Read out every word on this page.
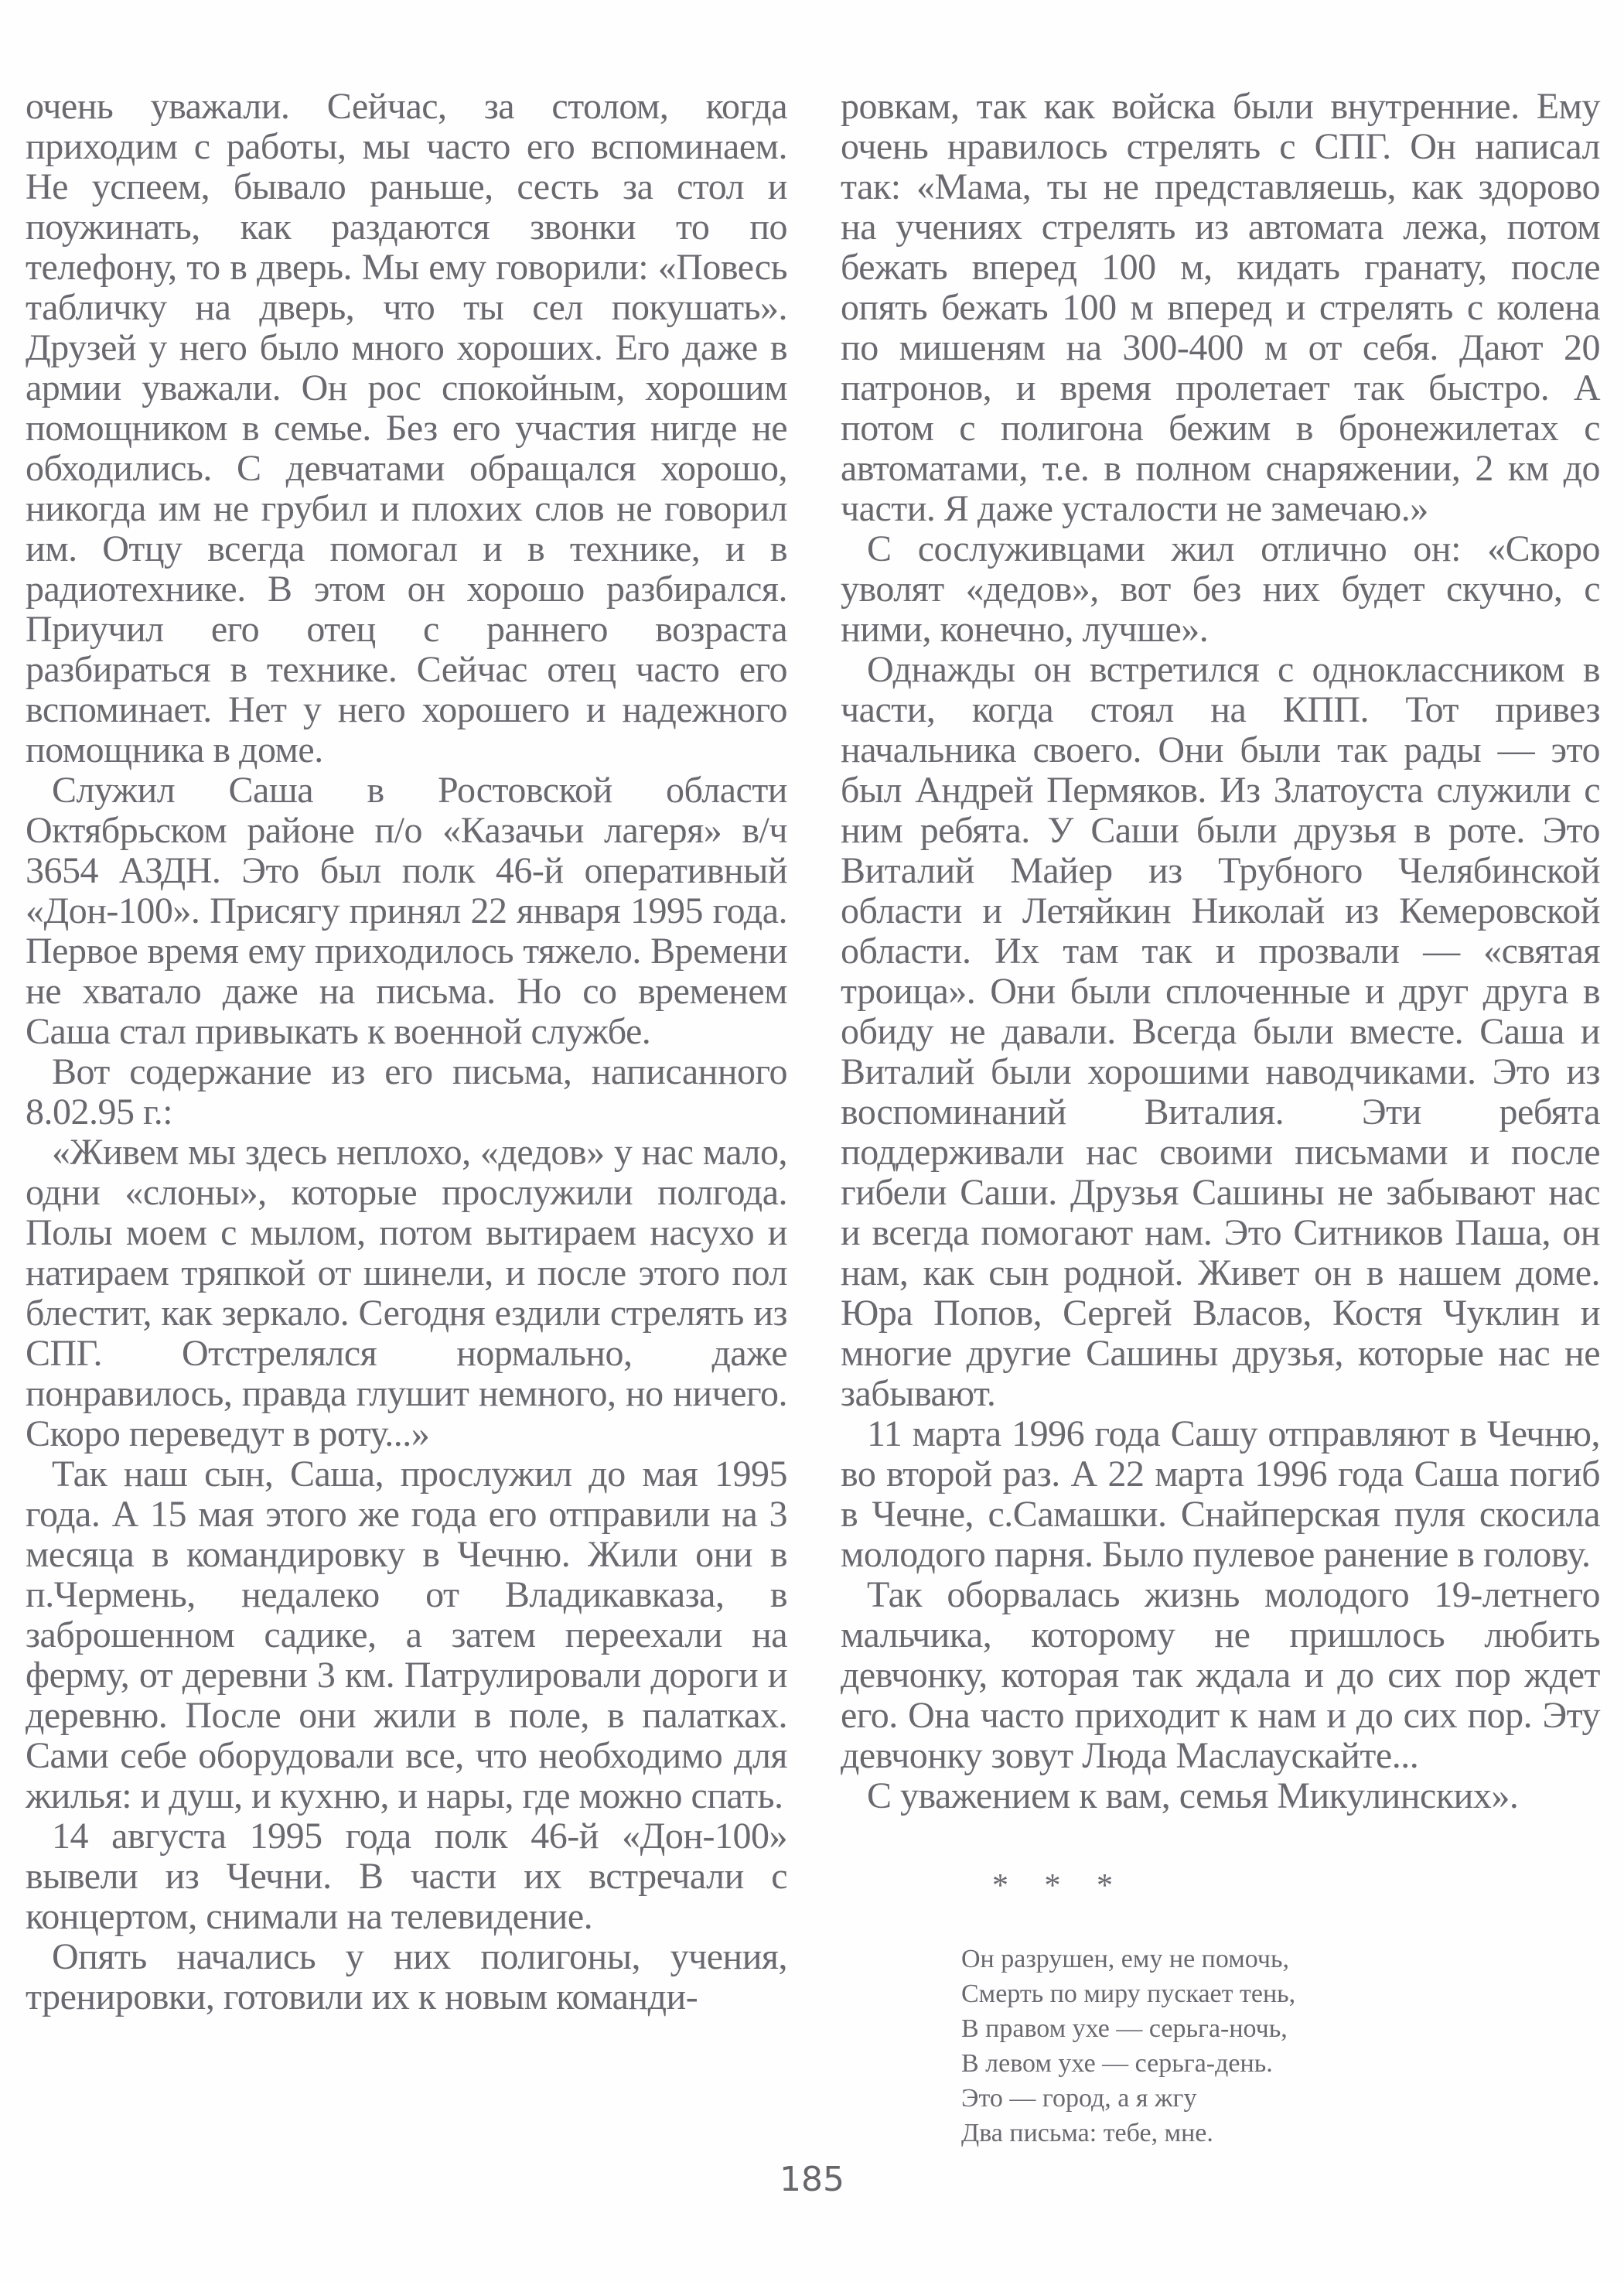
очень уважали. Сейчас, за столом, когда приходим с работы, мы часто его вспоминаем. Не успеем, бывало раньше, сесть за стол и поужинать, как раздаются звонки то по телефону, то в дверь. Мы ему говорили: «Повесь табличку на дверь, что ты сел покушать». Друзей у него было много хороших. Его даже в армии уважали. Он рос спокойным, хорошим помощником в семье. Без его участия нигде не обходились. С девчатами обращался хорошо, никогда им не грубил и плохих слов не говорил им. Отцу всегда помогал и в технике, и в радиотехнике. В этом он хорошо разбирался. Приучил его отец с раннего возраста разбираться в технике. Сейчас отец часто его вспоминает. Нет у него хорошего и надежного помощника в доме.

Служил Саша в Ростовской области Октябрьском районе п/о «Казачьи лагеря» в/ч 3654 АЗДН. Это был полк 46-й оперативный «Дон-100». Присягу принял 22 января 1995 года. Первое время ему приходилось тяжело. Времени не хватало даже на письма. Но со временем Саша стал привыкать к военной службе.

Вот содержание из его письма, написанного 8.02.95 г.:

«Живем мы здесь неплохо, «дедов» у нас мало, одни «слоны», которые прослужили полгода. Полы моем с мылом, потом вытираем насухо и натираем тряпкой от шинели, и после этого пол блестит, как зеркало. Сегодня ездили стрелять из СПГ. Отстрелялся нормально, даже понравилось, правда глушит немного, но ничего. Скоро переведут в роту...»

Так наш сын, Саша, прослужил до мая 1995 года. А 15 мая этого же года его отправили на 3 месяца в командировку в Чечню. Жили они в п.Чермень, недалеко от Владикавказа, в заброшенном садике, а затем переехали на ферму, от деревни 3 км. Патрулировали дороги и деревню. После они жили в поле, в палатках. Сами себе оборудовали все, что необходимо для жилья: и душ, и кухню, и нары, где можно спать.

14 августа 1995 года полк 46-й «Дон-100» вывели из Чечни. В части их встречали с концертом, снимали на телевидение.

Опять начались у них полигоны, учения, тренировки, готовили их к новым команди-

ровкам, так как войска были внутренние. Ему очень нравилось стрелять с СПГ. Он написал так: «Мама, ты не представляешь, как здорово на учениях стрелять из автомата лежа, потом бежать вперед 100 м, кидать гранату, после опять бежать 100 м вперед и стрелять с колена по мишеням на 300-400 м от себя. Дают 20 патронов, и время пролетает так быстро. А потом с полигона бежим в бронежилетах с автоматами, т.е. в полном снаряжении, 2 км до части. Я даже усталости не замечаю.»

С сослуживцами жил отлично он: «Скоро уволят «дедов», вот без них будет скучно, с ними, конечно, лучше».

Однажды он встретился с одноклассником в части, когда стоял на КПП. Тот привез начальника своего. Они были так рады — это был Андрей Пермяков. Из Златоуста служили с ним ребята. У Саши были друзья в роте. Это Виталий Майер из Трубного Челябинской области и Летяйкин Николай из Кемеровской области. Их там так и прозвали — «святая троица». Они были сплоченные и друг друга в обиду не давали. Всегда были вместе. Саша и Виталий были хорошими наводчиками. Это из воспоминаний Виталия. Эти ребята поддерживали нас своими письмами и после гибели Саши. Друзья Сашины не забывают нас и всегда помогают нам. Это Ситников Паша, он нам, как сын родной. Живет он в нашем доме. Юра Попов, Сергей Власов, Костя Чуклин и многие другие Сашины друзья, которые нас не забывают.

11 марта 1996 года Сашу отправляют в Чечню, во второй раз. А 22 марта 1996 года Саша погиб в Чечне, с.Самашки. Снайперская пуля скосила молодого парня. Было пулевое ранение в голову.

Так оборвалась жизнь молодого 19-летнего мальчика, которому не пришлось любить девчонку, которая так ждала и до сих пор ждет его. Она часто приходит к нам и до сих пор. Эту девчонку зовут Люда Маслаускайте...

С уважением к вам, семья Микулинских».

* * *
Он разрушен, ему не помочь,
Смерть по миру пускает тень,
В правом ухе — серьга-ночь,
В левом ухе — серьга-день.
Это — город, а я жгу
Два письма: тебе, мне.
185
